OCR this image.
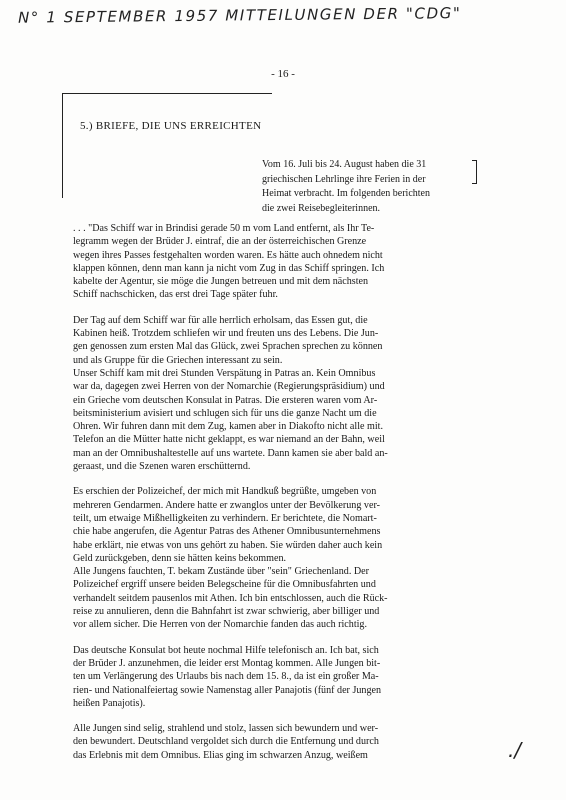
N° 1 SEPTEMBER 1957 MITTEILUNGEN DER "CDG"
- 16 -
5.) BRIEFE, DIE UNS ERREICHTEN
Vom 16. Juli bis 24. August haben die 31
griechischen Lehrlinge ihre Ferien in der
Heimat verbracht. Im folgenden berichten
die zwei Reisebegleiterinnen.

. . . "Das Schiff war in Brindisi gerade 50 m vom Land entfernt, als Ihr Te-
legramm wegen der Brüder J. eintraf, die an der österreichischen Grenze
wegen ihres Passes festgehalten worden waren. Es hätte auch ohnedem nicht
klappen können, denn man kann ja nicht vom Zug in das Schiff springen. Ich
kabelte der Agentur, sie möge die Jungen betreuen und mit dem nächsten
Schiff nachschicken, das erst drei Tage später fuhr.

Der Tag auf dem Schiff war für alle herrlich erholsam, das Essen gut, die
Kabinen heiß. Trotzdem schliefen wir und freuten uns des Lebens. Die Jun-
gen genossen zum ersten Mal das Glück, zwei Sprachen sprechen zu können
und als Gruppe für die Griechen interessant zu sein.
Unser Schiff kam mit drei Stunden Verspätung in Patras an. Kein Omnibus
war da, dagegen zwei Herren von der Nomarchie (Regierungspräsidium) und
ein Grieche vom deutschen Konsulat in Patras. Die ersteren waren vom Ar-
beitsministerium avisiert und schlugen sich für uns die ganze Nacht um die
Ohren. Wir fuhren dann mit dem Zug, kamen aber in Diakofto nicht alle mit.
Telefon an die Mütter hatte nicht geklappt, es war niemand an der Bahn, weil
man an der Omnibushaltestelle auf uns wartete. Dann kamen sie aber bald an-
geraast, und die Szenen waren erschütternd.

Es erschien der Polizeichef, der mich mit Handkuß begrüßte, umgeben von
mehreren Gendarmen. Andere hatte er zwanglos unter der Bevölkerung ver-
teilt, um etwaige Mißhelligkeiten zu verhindern. Er berichtete, die Nomart-
chie habe angerufen, die Agentur Patras des Athener Omnibusunternehmens
habe erklärt, nie etwas von uns gehört zu haben. Sie würden daher auch kein
Geld zurückgeben, denn sie hätten keins bekommen.
Alle Jungens fauchten, T. bekam Zustände über "sein" Griechenland. Der
Polizeichef ergriff unsere beiden Belegscheine für die Omnibusfahrten und
verhandelt seitdem pausenlos mit Athen. Ich bin entschlossen, auch die Rück-
reise zu annulieren, denn die Bahnfahrt ist zwar schwierig, aber billiger und
vor allem sicher. Die Herren von der Nomarchie fanden das auch richtig.

Das deutsche Konsulat bot heute nochmal Hilfe telefonisch an. Ich bat, sich
der Brüder J. anzunehmen, die leider erst Montag kommen. Alle Jungen bit-
ten um Verlängerung des Urlaubs bis nach dem 15. 8., da ist ein großer Ma-
rien- und Nationalfeiertag sowie Namenstag aller Panajotis (fünf der Jungen
heißen Panajotis).

Alle Jungen sind selig, strahlend und stolz, lassen sich bewundern und wer-
den bewundert. Deutschland vergoldet sich durch die Entfernung und durch
das Erlebnis mit dem Omnibus. Elias ging im schwarzen Anzug, weißem	./
